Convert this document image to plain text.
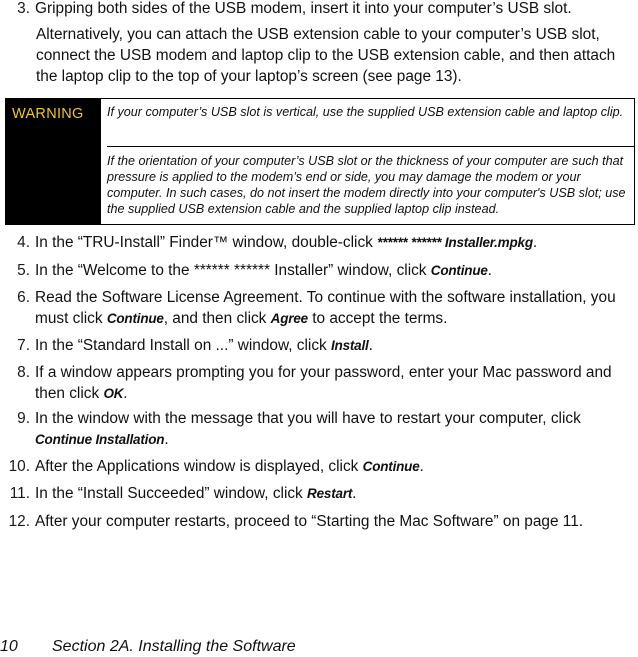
3. Gripping both sides of the USB modem, insert it into your computer’s USB slot.
Alternatively, you can attach the USB extension cable to your computer’s USB slot, connect the USB modem and laptop clip to the USB extension cable, and then attach the laptop clip to the top of your laptop’s screen (see page 13).
WARNING	If your computer’s USB slot is vertical, use the supplied USB extension cable and laptop clip.
If the orientation of your computer’s USB slot or the thickness of your computer are such that pressure is applied to the modem’s end or side, you may damage the modem or your computer. In such cases, do not insert the modem directly into your computer's USB slot; use the supplied USB extension cable and the supplied laptop clip instead.
4. In the “TRU-Install” Finder™ window, double-click ****** ****** Installer.mpkg.
5. In the “Welcome to the ****** ****** Installer” window, click Continue.
6. Read the Software License Agreement. To continue with the software installation, you must click Continue, and then click Agree to accept the terms.
7. In the “Standard Install on ...” window, click Install.
8. If a window appears prompting you for your password, enter your Mac password and then click OK.
9. In the window with the message that you will have to restart your computer, click Continue Installation.
10. After the Applications window is displayed, click Continue.
11. In the “Install Succeeded” window, click Restart.
12. After your computer restarts, proceed to “Starting the Mac Software” on page 11.
10 Section 2A. Installing the Software
